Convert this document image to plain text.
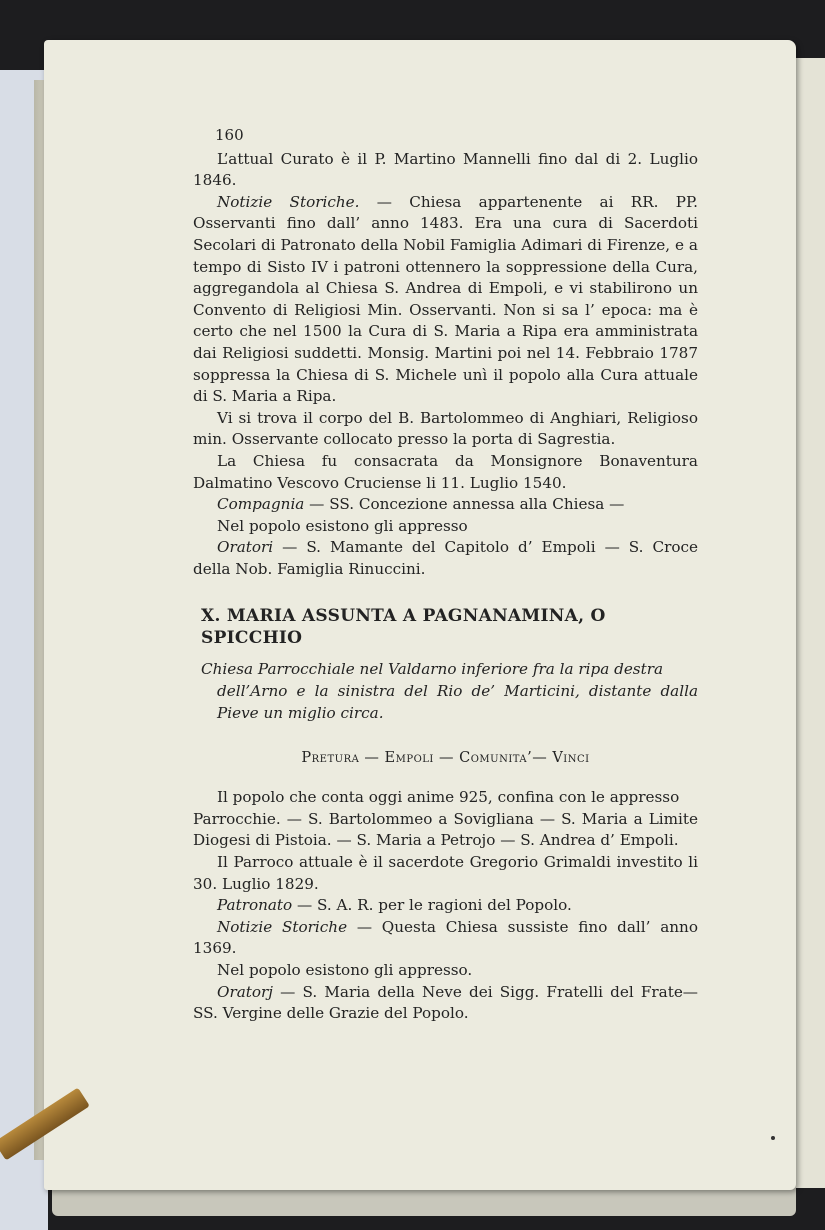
160

L’attual Curato è il P. Martino Mannelli fino dal di 2. Luglio 1846.

Notizie Storiche. — Chiesa appartenente ai RR. PP. Osservanti fino dall’ anno 1483. Era una cura di Sacerdoti Secolari di Patronato della Nobil Famiglia Adimari di Firenze, e a tempo di Sisto IV i patroni ottennero la soppressione della Cura, aggregandola al Chiesa S. Andrea di Empoli, e vi stabilirono un Convento di Religiosi Min. Osservanti. Non si sa l’ epoca: ma è certo che nel 1500 la Cura di S. Maria a Ripa era amministrata dai Religiosi suddetti. Monsig. Martini poi nel 14. Febbraio 1787 soppressa la Chiesa di S. Michele unì il popolo alla Cura attuale di S. Maria a Ripa.

Vi si trova il corpo del B. Bartolommeo di Anghiari, Religioso min. Osservante collocato presso la porta di Sagrestia.

La Chiesa fu consacrata da Monsignore Bonaventura Dalmatino Vescovo Cruciense li 11. Luglio 1540.

Compagnia — SS. Concezione annessa alla Chiesa —

Nel popolo esistono gli appresso

Oratori — S. Mamante del Capitolo d’ Empoli — S. Croce della Nob. Famiglia Rinuccini.

X. MARIA ASSUNTA A PAGNANAMINA, O SPICCHIO

Chiesa Parrocchiale nel Valdarno inferiore fra la ripa destra
dell’Arno e la sinistra del Rio de’ Marticini, distante dalla Pieve un miglio circa.

Pretura — Empoli — Comunita’— Vinci

Il popolo che conta oggi anime 925, confina con le appresso

Parrocchie. — S. Bartolommeo a Sovigliana — S. Maria a Limite Diogesi di Pistoia. — S. Maria a Petrojo — S. Andrea d’ Empoli.

Il Parroco attuale è il sacerdote Gregorio Grimaldi investito li 30. Luglio 1829.

Patronato — S. A. R. per le ragioni del Popolo.

Notizie Storiche — Questa Chiesa sussiste fino dall’ anno 1369.

Nel popolo esistono gli appresso.

Oratorj — S. Maria della Neve dei Sigg. Fratelli del Frate— SS. Vergine delle Grazie del Popolo.
